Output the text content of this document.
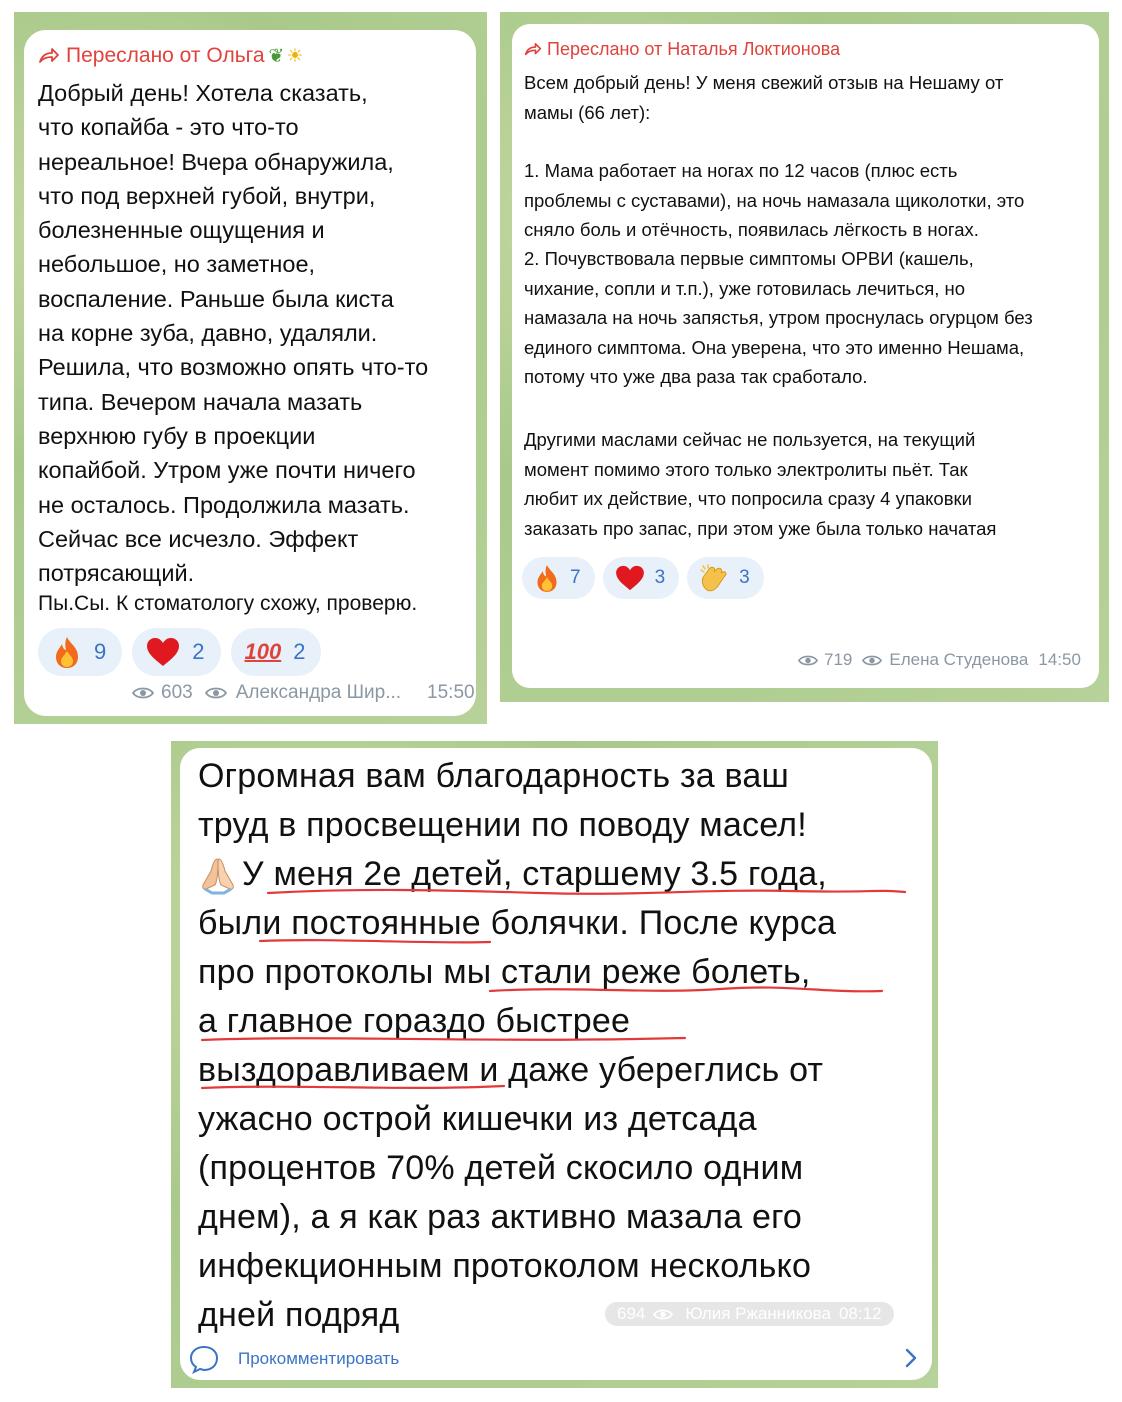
Переслано от Ольга ❦ ☀
Добрый день! Хотела сказать,
что копайба - это что-то
нереальное! Вчера обнаружила,
что под верхней губой, внутри,
болезненные ощущения и
небольшое, но заметное,
воспаление. Раньше была киста
на корне зуба, давно, удаляли.
Решила, что возможно опять что-то
типа. Вечером начала мазать
верхнюю губу в проекции
копайбой. Утром уже почти ничего
не осталось. Продолжила мазать.
Сейчас все исчезло. Эффект
потрясающий.
Пы.Сы. К стоматологу схожу, проверю.
9	2 100 2
603 Александра Шир... 15:50
Переслано от Наталья Локтионова
Всем добрый день! У меня свежий отзыв на Нешаму от
мамы (66 лет):
1. Мама работает на ногах по 12 часов (плюс есть
проблемы с суставами), на ночь намазала щиколотки, это
сняло боль и отёчность, появилась лёгкость в ногах.
2. Почувствовала первые симптомы ОРВИ (кашель,
чихание, сопли и т.п.), уже готовилась лечиться, но
намазала на ночь запястья, утром проснулась огурцом без
единого симптома. Она уверена, что это именно Нешама,
потому что уже два раза так сработало.
Другими маслами сейчас не пользуется, на текущий
момент помимо этого только электролиты пьёт. Так
любит их действие, что попросила сразу 4 упаковки
заказать про запас, при этом уже была только начатая
7	3	3
719 Елена Студенова 14:50
Огромная вам благодарность за ваш
труд в просвещении по поводу масел!
У меня 2е детей, старшему 3.5 года,
были постоянные болячки. После курса
про протоколы мы стали реже болеть,
а главное гораздо быстрее
выздоравливаем и даже убереглись от
ужасно острой кишечки из детсада
(процентов 70% детей скосило одним
днем), а я как раз активно мазала его
инфекционным протоколом несколько
дней подряд	694 Юлия Ржанникова 08:12
Прокомментировать
